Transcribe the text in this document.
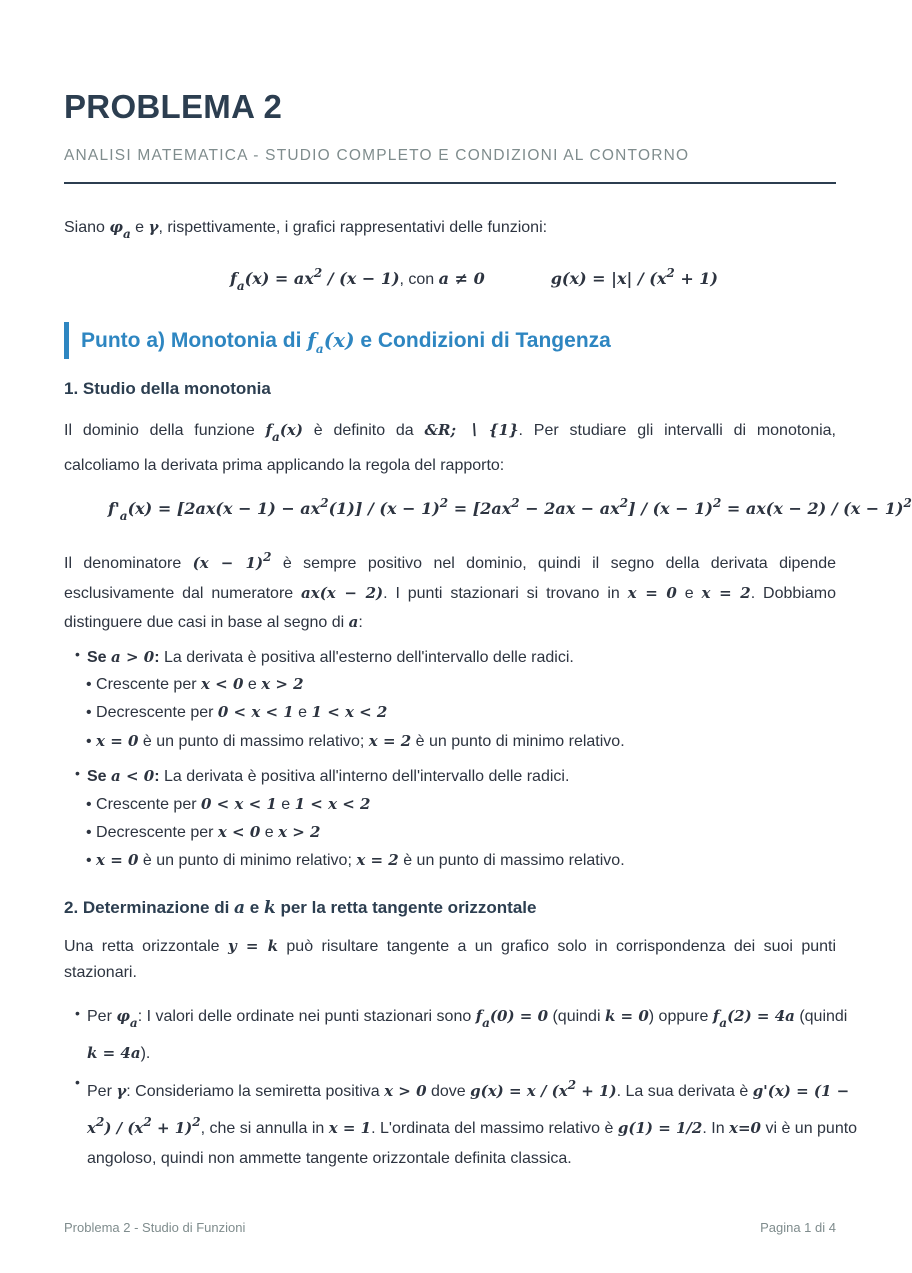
PROBLEMA 2
ANALISI MATEMATICA - STUDIO COMPLETO E CONDIZIONI AL CONTORNO
Siano $\varphi_a$ e γ, rispettivamente, i grafici rappresentativi delle funzioni:
$f_a(x) = ax^2 / (x - 1)$, con a ≠ 0	$g(x) = |x| / (x^2 + 1)$
Punto a) Monotonia di $f_a(x)$ e Condizioni di Tangenza
1. Studio della monotonia
Il dominio della funzione $f_a(x)$ è definito da &R; ∖ {1}. Per studiare gli intervalli di monotonia,
calcoliamo la derivata prima applicando la regola del rapporto:
$f'_a(x) = [2ax(x - 1) - ax^2(1)] / (x - 1)^2 = [2ax^2 - 2ax - ax^2] / (x - 1)^2 = ax(x - 2) / (x - 1)^2$
Il denominatore $(x - 1)^2$ è sempre positivo nel dominio, quindi il segno della derivata dipende
esclusivamente dal numeratore ax(x − 2). I punti stazionari si trovano in x = 0 e x = 2. Dobbiamo
distinguere due casi in base al segno di a:
• Se a > 0: La derivata è positiva all'esterno dell'intervallo delle radici.
• Crescente per x < 0 e x > 2
• Decrescente per 0 < x < 1 e 1 < x < 2
• x = 0 è un punto di massimo relativo; x = 2 è un punto di minimo relativo.
• Se a < 0: La derivata è positiva all'interno dell'intervallo delle radici.
• Crescente per 0 < x < 1 e 1 < x < 2
• Decrescente per x < 0 e x > 2
• x = 0 è un punto di minimo relativo; x = 2 è un punto di massimo relativo.
2. Determinazione di a e k per la retta tangente orizzontale
Una retta orizzontale y = k può risultare tangente a un grafico solo in corrispondenza dei suoi punti
stazionari.
• Per $\varphi_a$: I valori delle ordinate nei punti stazionari sono $f_a(0) = 0$ (quindi k = 0) oppure $f_a(2) = 4a$ (quindi
k = 4a).
•
Per γ: Consideriamo la semiretta positiva x > 0 dove $g(x) = x / (x^2 + 1)$. La sua derivata è g'(x) = (1 −
$x^2) / (x^2 + 1)^2$, che si annulla in x = 1. L'ordinata del massimo relativo è g(1) = 1/2. In x=0 vi è un punto
angoloso, quindi non ammette tangente orizzontale definita classica.
Problema 2 - Studio di Funzioni	Pagina 1 di 4
